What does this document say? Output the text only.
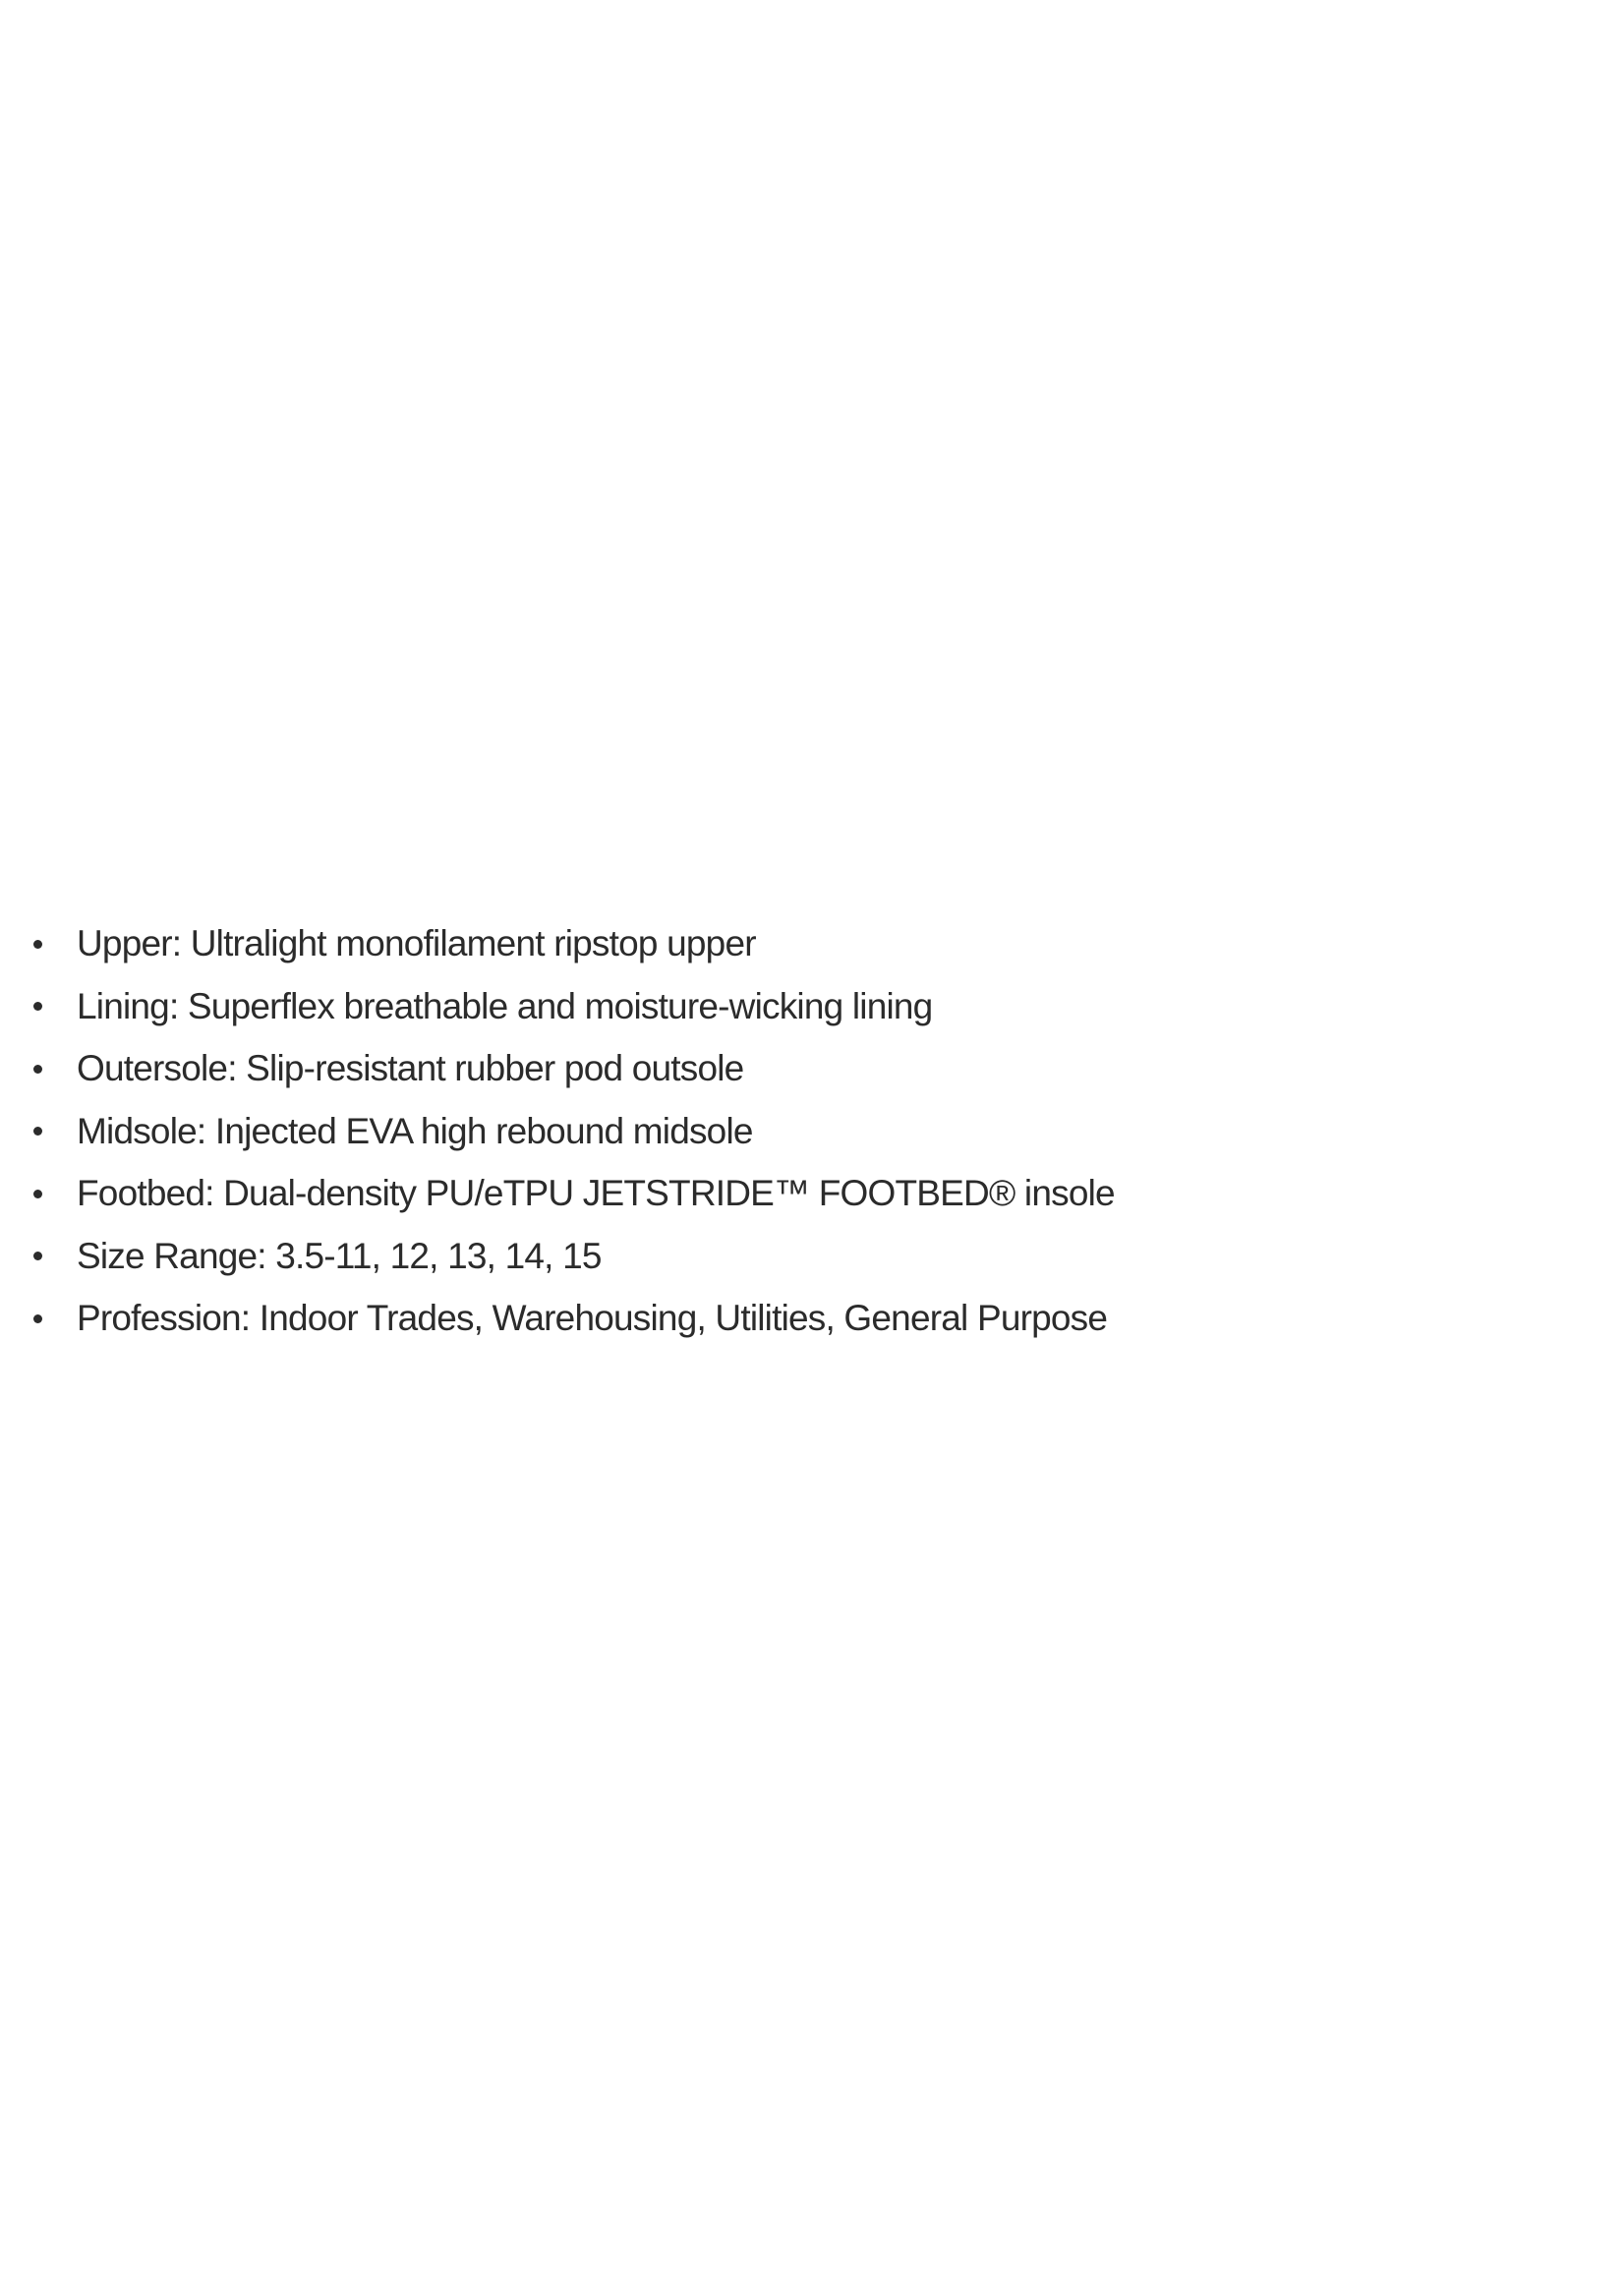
Upper: Ultralight monofilament ripstop upper
Lining: Superflex breathable and moisture-wicking lining
Outersole: Slip-resistant rubber pod outsole
Midsole: Injected EVA high rebound midsole
Footbed: Dual-density PU/eTPU JETSTRIDE™ FOOTBED® insole
Size Range: 3.5-11, 12, 13, 14, 15
Profession: Indoor Trades, Warehousing, Utilities, General Purpose
